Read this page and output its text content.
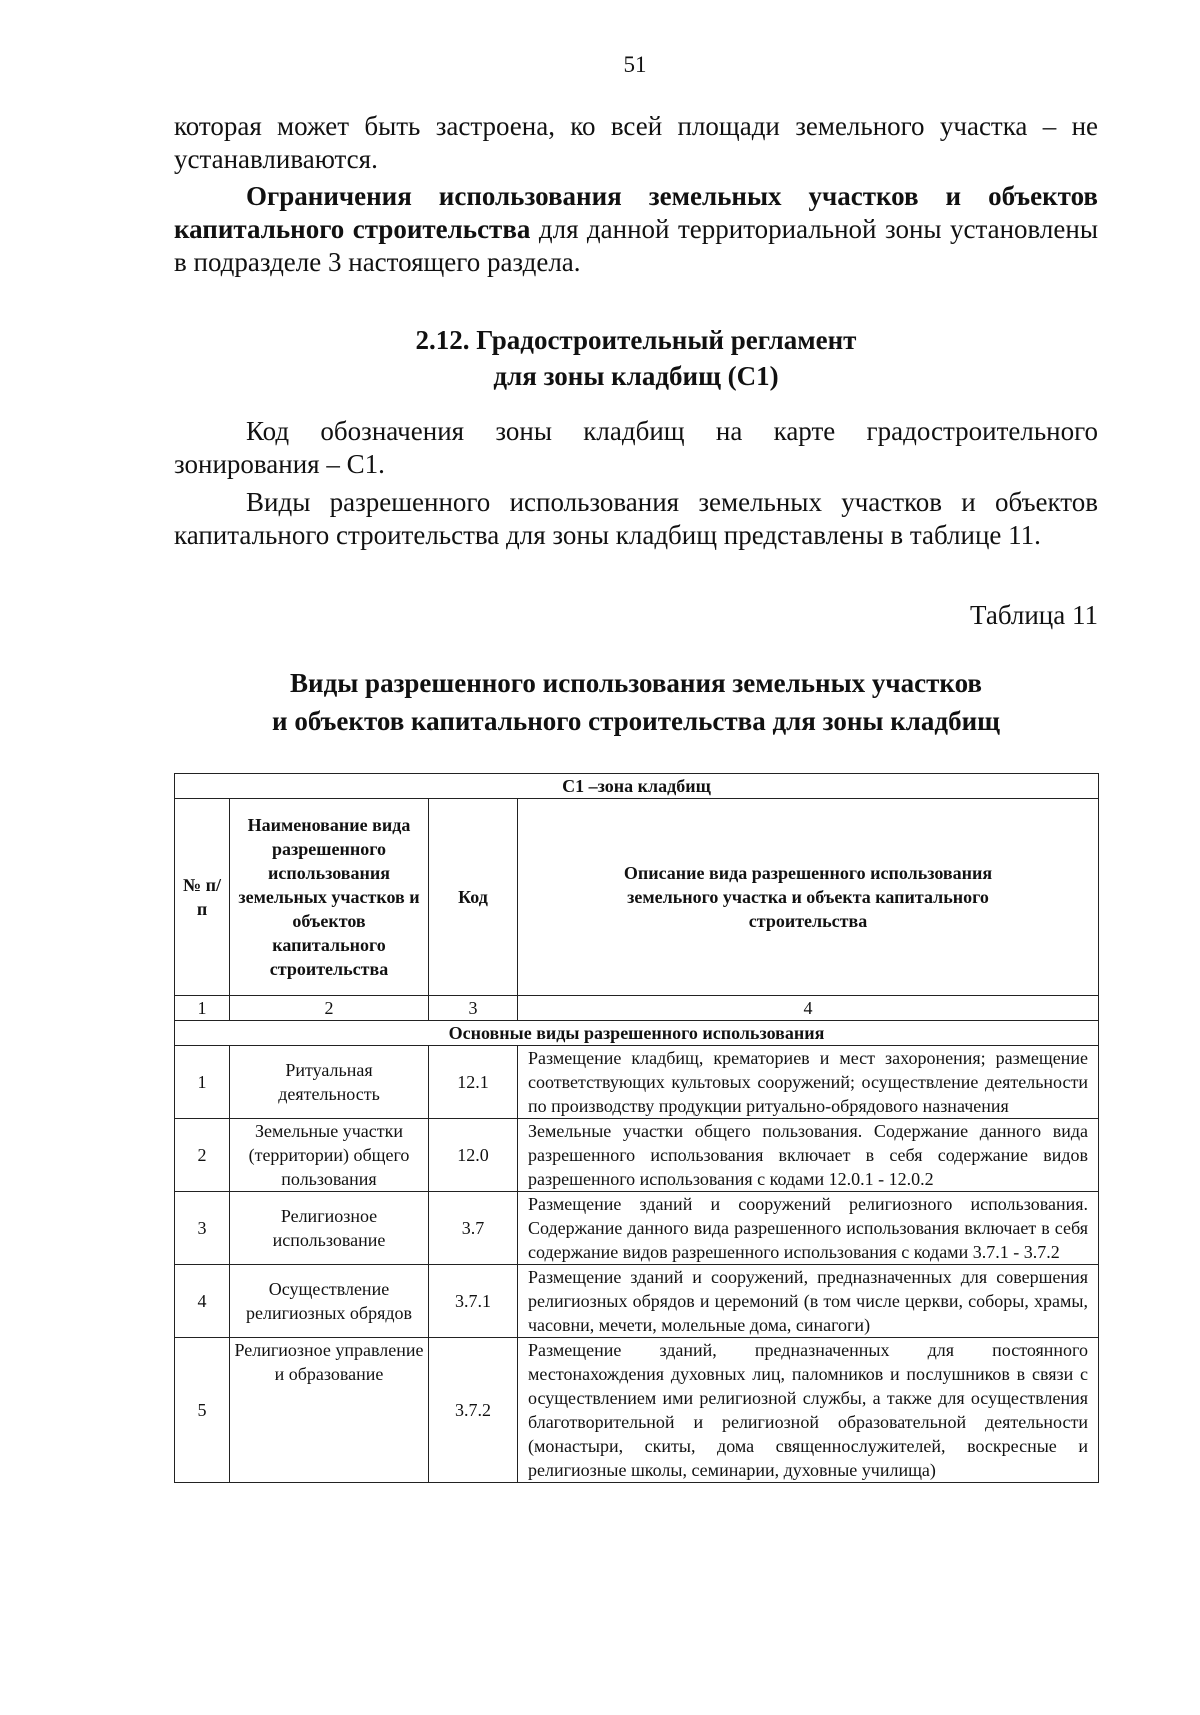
51

которая может быть застроена, ко всей площади земельного участка – не

устанавливаются.

Ограничения использования земельных участков и объектов капитального строительства для данной территориальной зоны установлены в подразделе 3 настоящего раздела.

2.12. Градостроительный регламент
для зоны кладбищ (С1)

Код обозначения зоны кладбищ на карте градостроительного зонирования – С1.

Виды разрешенного использования земельных участков и объектов капитального строительства для зоны кладбищ представлены в таблице 11.

Таблица 11
Виды разрешенного использования земельных участков
и объектов капитального строительства для зоны кладбищ
С1 –зона кладбищ			
№ п/п	Наименование вида разрешенного использования земельных участков и объектов капитального строительства	Код	Описание вида разрешенного использования земельного участка и объекта капитального строительства
1	2	3	4
Основные виды разрешенного использования			
1	Ритуальная деятельность	12.1	Размещение кладбищ, крематориев и мест захоронения; размещение соответствующих культовых сооружений; осуществление деятельности по производству продукции ритуально-обрядового назначения
2	Земельные участки (территории) общего пользования	12.0	Земельные участки общего пользования. Содержание данного вида разрешенного использования включает в себя содержание видов разрешенного использования с кодами 12.0.1 - 12.0.2
3	Религиозное использование	3.7	Размещение зданий и сооружений религиозного использования. Содержание данного вида разрешенного использования включает в себя содержание видов разрешенного использования с кодами 3.7.1 - 3.7.2
4	Осуществление религиозных обрядов	3.7.1	Размещение зданий и сооружений, предназначенных для совершения религиозных обрядов и церемоний (в том числе церкви, соборы, храмы, часовни, мечети, молельные дома, синагоги)
5	Религиозное управление и образование	3.7.2	Размещение зданий, предназначенных для постоянного местонахождения духовных лиц, паломников и послушников в связи с осуществлением ими религиозной службы, а также для осуществления благотворительной и религиозной образовательной деятельности (монастыри, скиты, дома священнослужителей, воскресные и религиозные школы, семинарии, духовные училища)
